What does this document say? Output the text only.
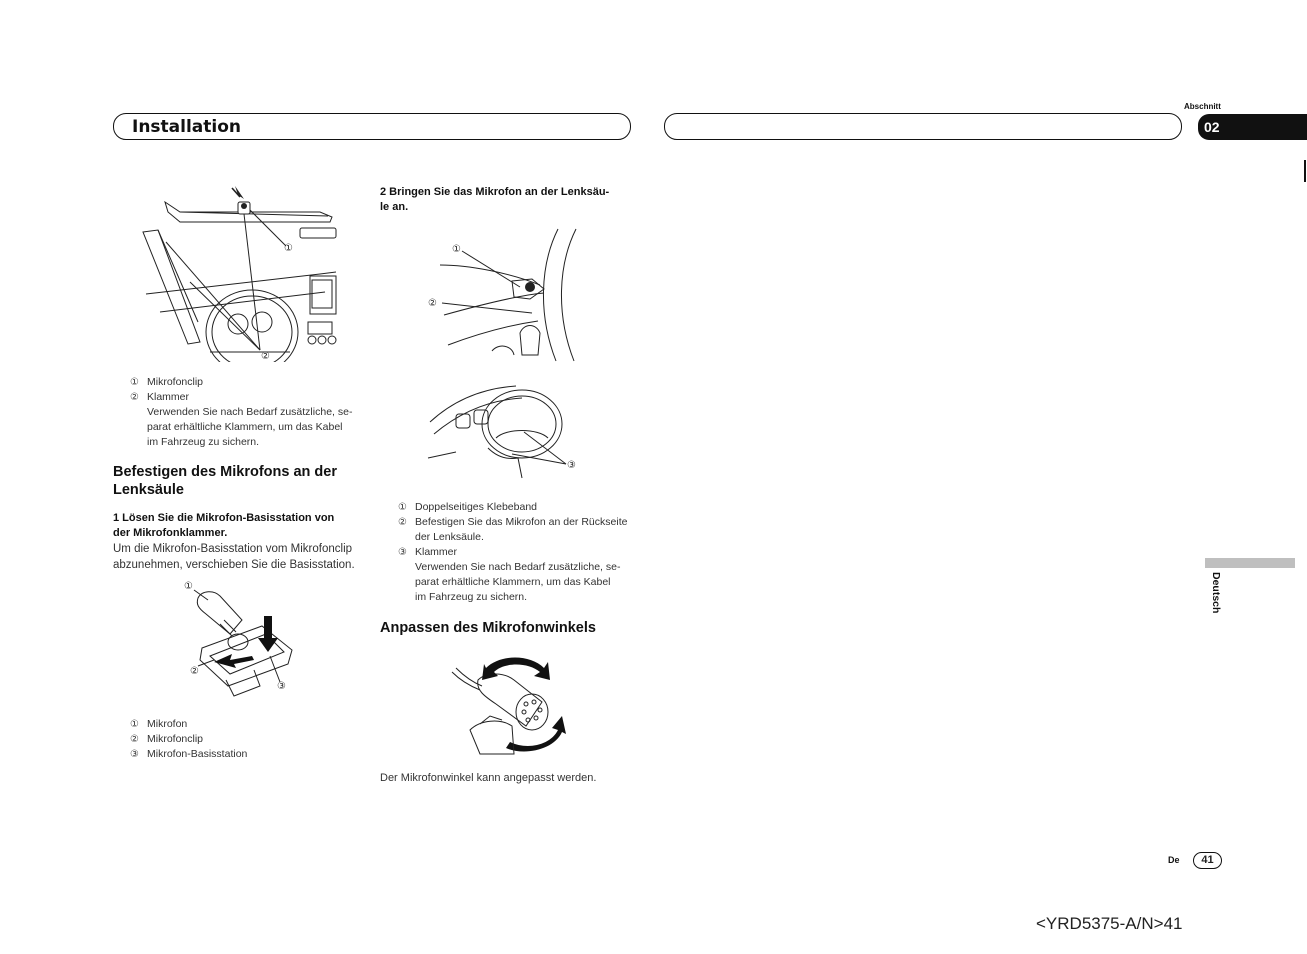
Installation
Abschnitt
02
①
②
① Mikrofonclip
② Klammer
Verwenden Sie nach Bedarf zusätzliche, se-
parat erhältliche Klammern, um das Kabel
im Fahrzeug zu sichern.
Befestigen des Mikrofons an der
Lenksäule
1 Lösen Sie die Mikrofon-Basisstation von
der Mikrofonklammer.
Um die Mikrofon-Basisstation vom Mikrofonclip
abzunehmen, verschieben Sie die Basisstation.
①
②
③
① Mikrofon
② Mikrofonclip
③ Mikrofon-Basisstation
2 Bringen Sie das Mikrofon an der Lenksäu-
le an.
①
②
③
① Doppelseitiges Klebeband
② Befestigen Sie das Mikrofon an der Rückseite
der Lenksäule.
③ Klammer
Verwenden Sie nach Bedarf zusätzliche, se-
parat erhältliche Klammern, um das Kabel
im Fahrzeug zu sichern.
Anpassen des Mikrofonwinkels
Der Mikrofonwinkel kann angepasst werden.
Deutsch
De	41
<YRD5375-A/N>41
